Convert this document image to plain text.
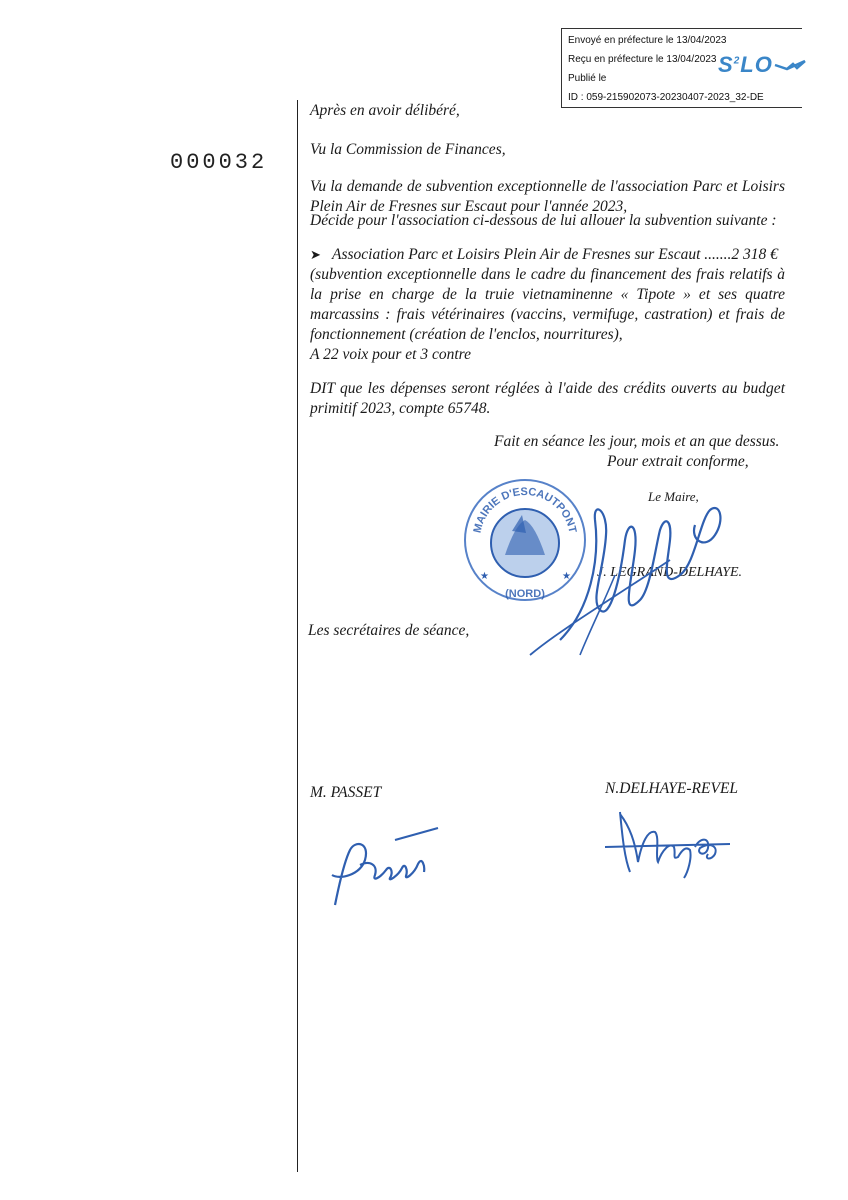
Envoyé en préfecture le 13/04/2023
Reçu en préfecture le 13/04/2023
Publié le
ID : 059-215902073-20230407-2023_32-DE
$S^2LO$
000032
Après en avoir délibéré,
Vu la Commission de Finances,
Vu la demande de subvention exceptionnelle de l'association Parc et Loisirs Plein Air de Fresnes sur Escaut pour l'année 2023,
Décide pour l'association ci-dessous de lui allouer la subvention suivante :
➤ Association Parc et Loisirs Plein Air de Fresnes sur Escaut .......2 318 €
(subvention exceptionnelle dans le cadre du financement des frais relatifs à la prise en charge de la truie vietnaminenne « Tipote » et ses quatre marcassins : frais vétérinaires (vaccins, vermifuge, castration) et frais de fonctionnement (création de l'enclos, nourritures),
A 22 voix pour et 3 contre
DIT que les dépenses seront réglées à l'aide des crédits ouverts au budget primitif 2023, compte 65748.
Fait en séance les jour, mois et an que dessus.
Pour extrait conforme,
Le Maire,
MAIRIE D'ESCAUTPONT
(NORD)
★	★ J. LEGRAND-DELHAYE.
Les secrétaires de séance,
M. PASSET	N.DELHAYE-REVEL
